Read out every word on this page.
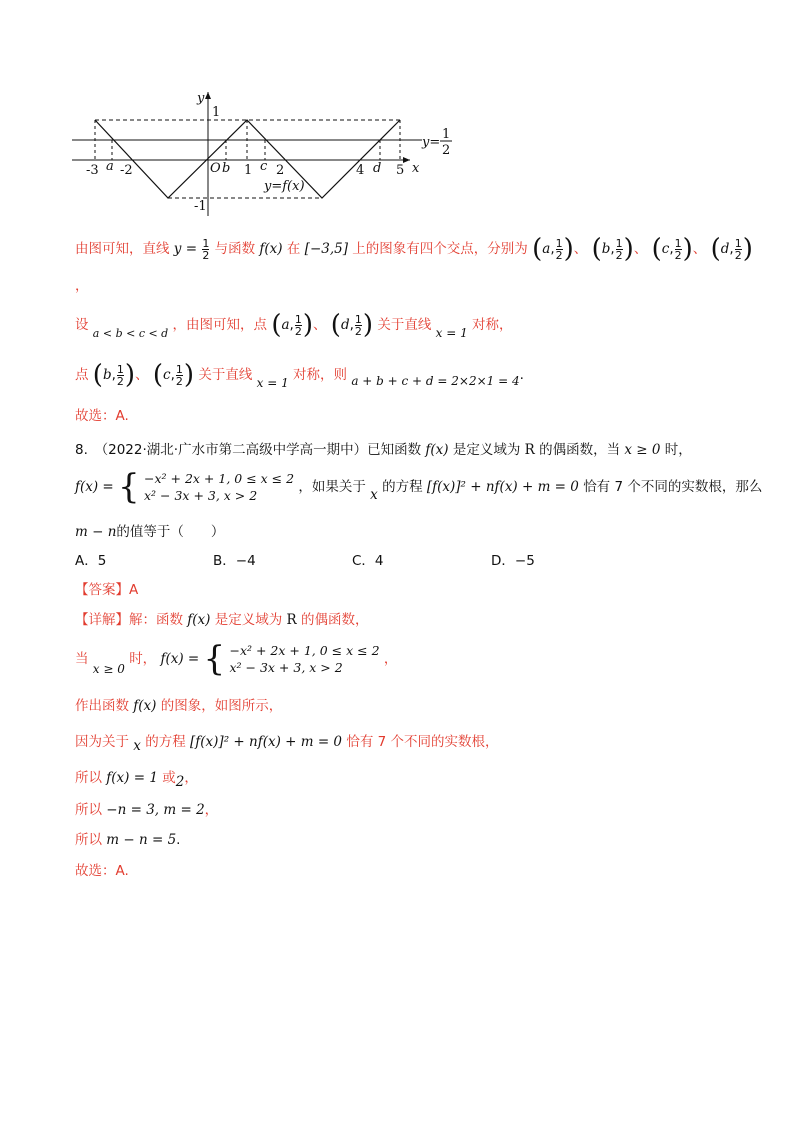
-3 a -2	O b 1 c 2	4 d 5 x
y
1
-1
y=
1
2
y=f(x)
由图可知，直线 $y = \frac{1}{2}$ 与函数 f(x) 在 [−3,5] 上的图象有四个交点，分别为 (a, $\frac{1}{2}$ )、 (b, $\frac{1}{2}$ )、 (c, $\frac{1}{2}$ )、 (d, $\frac{1}{2}$ )
，
设 $_{a < b < c < d}$ ，由图可知，点 (a, $\frac{1}{2}$ )、 (d, $\frac{1}{2}$ ) 关于直线 x = 1 对称，
点 (b, $\frac{1}{2}$ )、 (c, $\frac{1}{2}$ ) 关于直线 x = 1 对称，则 a + b + c + d = 2×2×1 = 4.
故选：A.
8.　（2022·湖北·广水市第二高级中学高一期中）已知函数 f(x) 是定义域为 R 的偶函数，当 x ≥ 0 时，
f(x) = { −x² + 2x + 1, 0 ≤ x ≤ 2
x² − 3x + 3, x > 2
，如果关于 x 的方程 [f(x)]² + nf(x) + m = 0 恰有 7 个不同的实数根，那么
m − n的值等于（　　）
A．5	B．−4	C．4	D．−5
【答案】A
【详解】解：函数 f(x) 是定义域为 R 的偶函数，
当 x ≥ 0 时， f(x) = { −x² + 2x + 1, 0 ≤ x ≤ 2
x² − 3x + 3, x > 2
，
作出函数 f(x) 的图象，如图所示，
因为关于 x 的方程 [f(x)]² + nf(x) + m = 0 恰有 7 个不同的实数根，
所以 f(x) = 1 或2，
所以 −n = 3, m = 2，
所以 m − n = 5.
故选：A.
